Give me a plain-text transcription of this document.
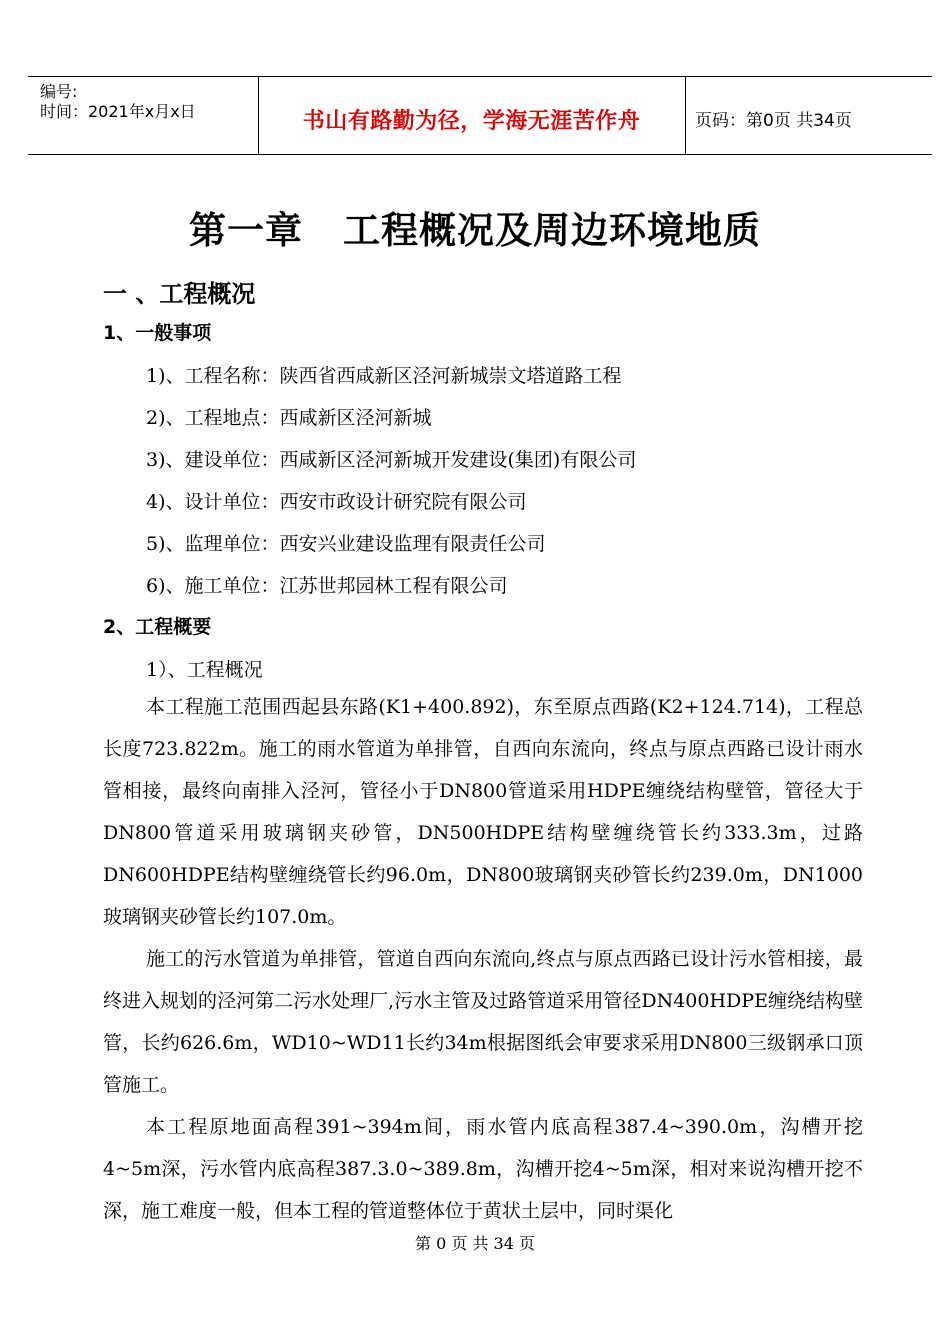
编号:
时间：2021年x月x日	书山有路勤为径，学海无涯苦作舟	页码：第0页 共34页
第一章 工程概况及周边环境地质
一 、工程概况
1、一般事项
1)、工程名称：陕西省西咸新区泾河新城崇文塔道路工程
2)、工程地点：西咸新区泾河新城
3)、建设单位：西咸新区泾河新城开发建设(集团)有限公司
4)、设计单位：西安市政设计研究院有限公司
5)、监理单位：西安兴业建设监理有限责任公司
6)、施工单位：江苏世邦园林工程有限公司
2、工程概要
1）、工程概况

本工程施工范围西起县东路(K1+400.892)，东至原点西路(K2+124.714)，工程总长度723.822m。施工的雨水管道为单排管，自西向东流向，终点与原点西路已设计雨水管相接，最终向南排入泾河，管径小于DN800管道采用HDPE缠绕结构壁管，管径大于DN800管道采用玻璃钢夹砂管，DN500HDPE结构壁缠绕管长约333.3m，过路DN600HDPE结构壁缠绕管长约96.0m，DN800玻璃钢夹砂管长约239.0m，DN1000玻璃钢夹砂管长约107.0m。

施工的污水管道为单排管，管道自西向东流向,终点与原点西路已设计污水管相接，最终进入规划的泾河第二污水处理厂,污水主管及过路管道采用管径DN400HDPE缠绕结构壁管，长约626.6m，WD10~WD11长约34m根据图纸会审要求采用DN800三级钢承口顶管施工。

本工程原地面高程391~394m间，雨水管内底高程387.4~390.0m，沟槽开挖4~5m深，污水管内底高程387.3.0~389.8m，沟槽开挖4~5m深，相对来说沟槽开挖不深，施工难度一般，但本工程的管道整体位于黄状土层中，同时渠化

第 0 页 共 34 页
